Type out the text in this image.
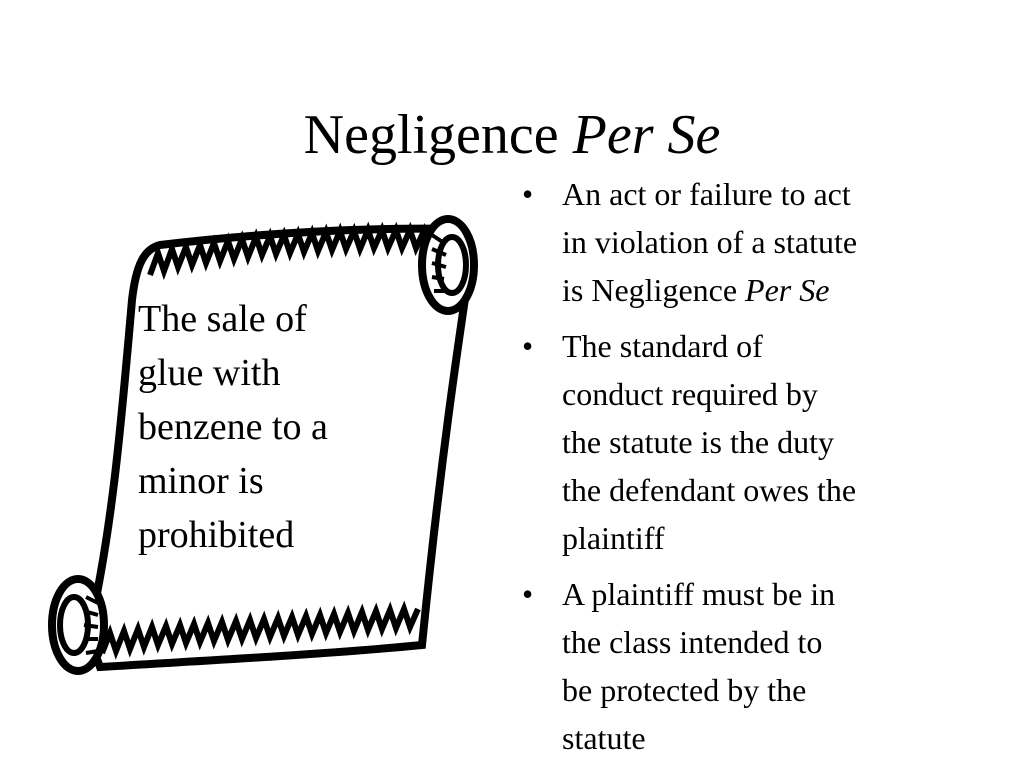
Negligence Per Se

The sale of
glue with
benzene to a
minor is
prohibited

• An act or failure to act
in violation of a statute
is Negligence Per Se
• The standard of
conduct required by
the statute is the duty
the defendant owes the
plaintiff
• A plaintiff must be in
the class intended to
be protected by the
statute
